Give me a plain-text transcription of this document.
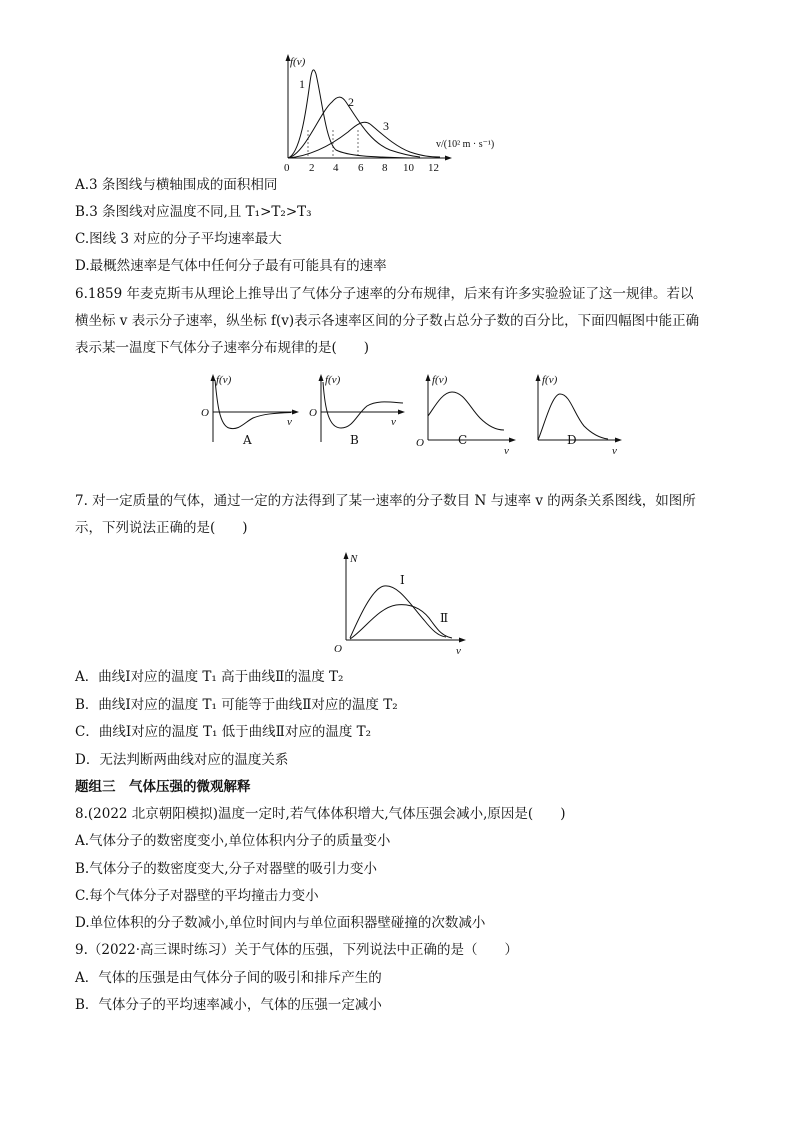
f(v)
v/(10² m · s⁻¹)
1
2
3
0 2 4 6 8 10 12
A.3 条图线与横轴围成的面积相同
B.3 条图线对应温度不同,且 T₁>T₂>T₃
C.图线 3 对应的分子平均速率最大
D.最概然速率是气体中任何分子最有可能具有的速率
6.1859 年麦克斯韦从理论上推导出了气体分子速率的分布规律，后来有许多实验验证了这一规律。若以
横坐标 v 表示分子速率，纵坐标 f(v)表示各速率区间的分子数占总分子数的百分比，下面四幅图中能正确
表示某一温度下气体分子速率分布规律的是(　　)
f(v)
O
v
A
f(v)
O
v
B
f(v)
O
v
C
f(v)
v
D
7. 对一定质量的气体，通过一定的方法得到了某一速率的分子数目 N 与速率 v 的两条关系图线，如图所
示，下列说法正确的是(　　)
N
O	v
Ⅰ
Ⅱ
A．曲线Ⅰ对应的温度 T₁ 高于曲线Ⅱ的温度 T₂
B．曲线Ⅰ对应的温度 T₁ 可能等于曲线Ⅱ对应的温度 T₂
C．曲线Ⅰ对应的温度 T₁ 低于曲线Ⅱ对应的温度 T₂
D．无法判断两曲线对应的温度关系
题组三　气体压强的微观解释
8.(2022 北京朝阳模拟)温度一定时,若气体体积增大,气体压强会减小,原因是(　　)
A.气体分子的数密度变小,单位体积内分子的质量变小
B.气体分子的数密度变大,分子对器壁的吸引力变小
C.每个气体分子对器壁的平均撞击力变小
D.单位体积的分子数减小,单位时间内与单位面积器壁碰撞的次数减小
9.（2022·高三课时练习）关于气体的压强，下列说法中正确的是（　　）
A．气体的压强是由气体分子间的吸引和排斥产生的
B．气体分子的平均速率减小，气体的压强一定减小
